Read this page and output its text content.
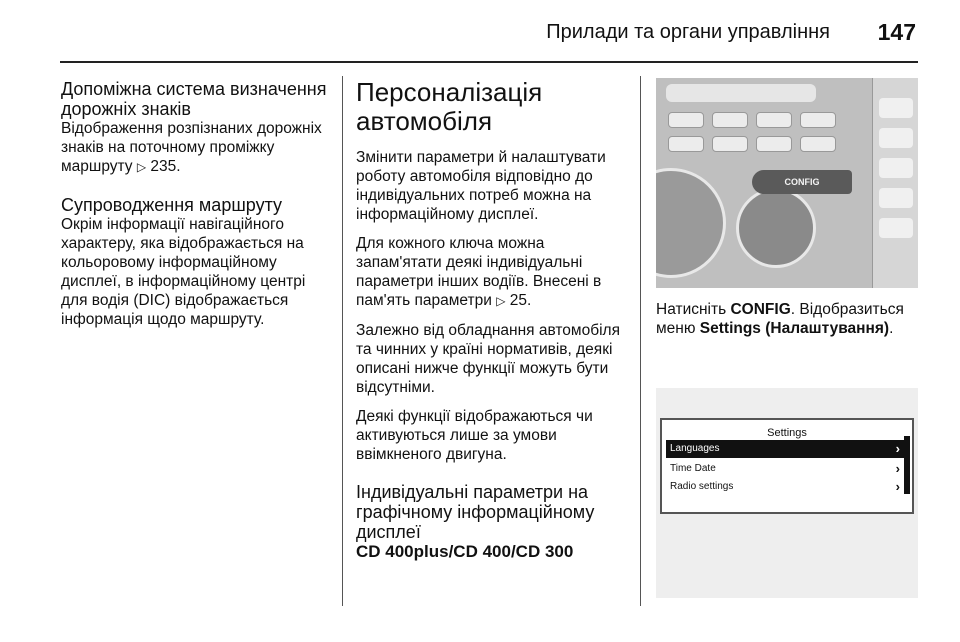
Прилади та органи управління 147
Допоміжна система визначення дорожніх знаків
Відображення розпізнаних дорожніх знаків на поточному проміжку маршруту ▷ 235.
Супроводження маршруту
Окрім інформації навігаційного характеру, яка відображається на кольоровому інформаційному дисплеї, в інформаційному центрі для водія (DIC) відображається інформація щодо маршруту.
Персоналізація автомобіля
Змінити параметри й налаштувати роботу автомобіля відповідно до індивідуальних потреб можна на інформаційному дисплеї.
Для кожного ключа можна запам'ятати деякі індивідуальні параметри інших водіїв. Внесені в пам'ять параметри ▷ 25.
Залежно від обладнання автомобіля та чинних у країні нормативів, деякі описані нижче функції можуть бути відсутніми.
Деякі функції відображаються чи активуються лише за умови ввімкненого двигуна.
Індивідуальні параметри на графічному інформаційному дисплеї
CD 400plus/CD 400/CD 300
CONFIG
Натисніть CONFIG. Відобразиться меню Settings (Налаштування).
Settings
Languages	›
Time Date	›
Radio settings	›
